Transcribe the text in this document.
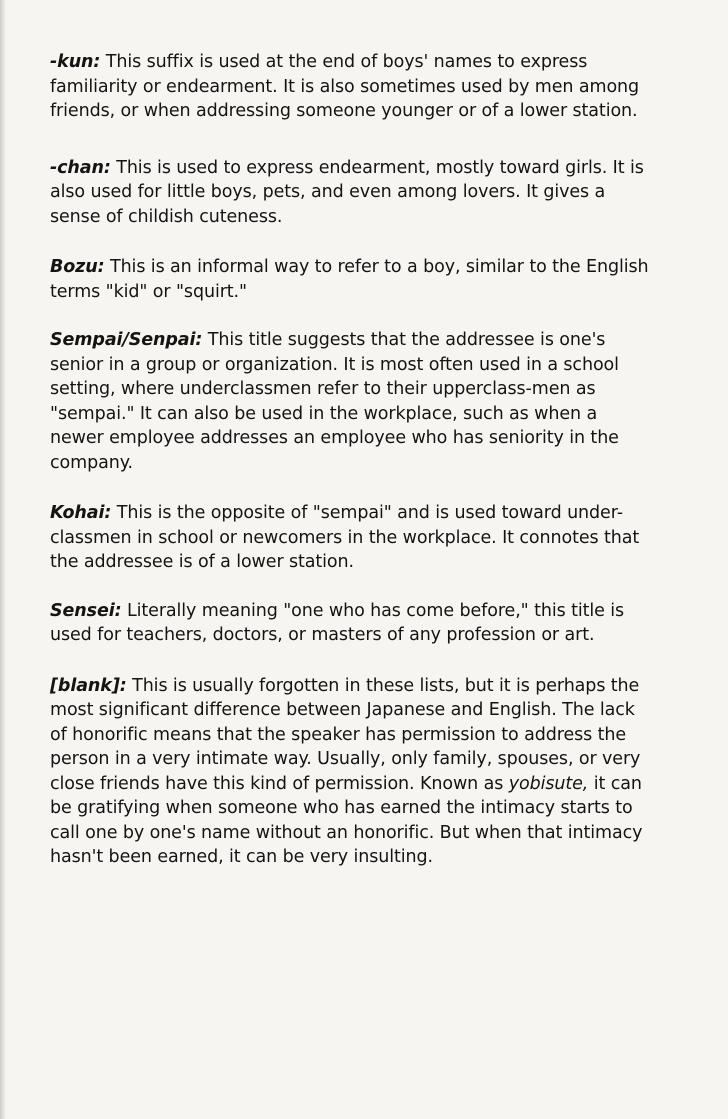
-kun: This suffix is used at the end of boys' names to express familiarity or endearment. It is also sometimes used by men among friends, or when addressing someone younger or of a lower station.

-chan: This is used to express endearment, mostly toward girls. It is also used for little boys, pets, and even among lovers. It gives a sense of childish cuteness.

Bozu: This is an informal way to refer to a boy, similar to the English terms "kid" or "squirt."

Sempai/Senpai: This title suggests that the addressee is one's senior in a group or organization. It is most often used in a school setting, where underclassmen refer to their upperclass-men as "sempai." It can also be used in the workplace, such as when a newer employee addresses an employee who has seniority in the company.

Kohai: This is the opposite of "sempai" and is used toward under-classmen in school or newcomers in the workplace. It connotes that the addressee is of a lower station.

Sensei: Literally meaning "one who has come before," this title is used for teachers, doctors, or masters of any profession or art.

[blank]: This is usually forgotten in these lists, but it is perhaps the most significant difference between Japanese and English. The lack of honorific means that the speaker has permission to address the person in a very intimate way. Usually, only family, spouses, or very close friends have this kind of permission. Known as yobisute, it can be gratifying when someone who has earned the intimacy starts to call one by one's name without an honorific. But when that intimacy hasn't been earned, it can be very insulting.
